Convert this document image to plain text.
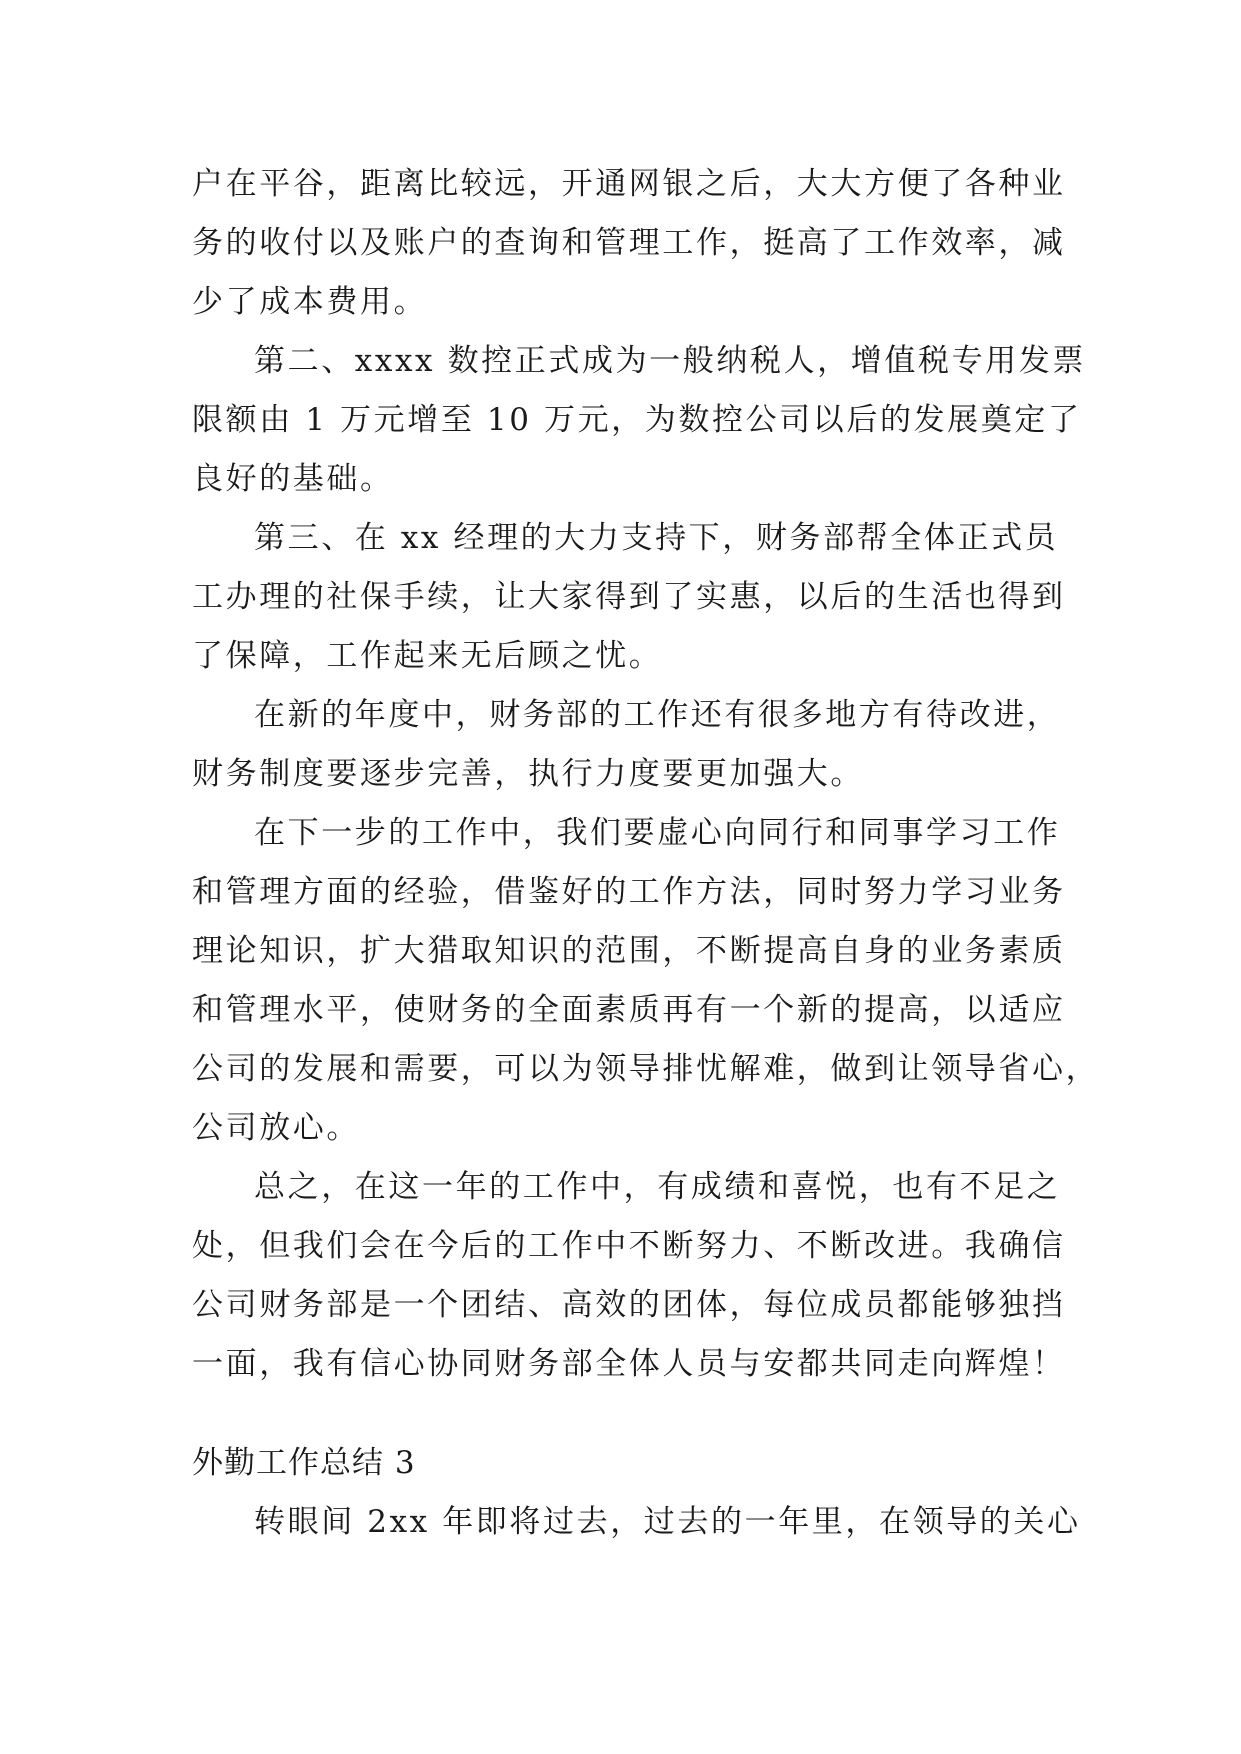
户在平谷，距离比较远，开通网银之后，大大方便了各种业

务的收付以及账户的查询和管理工作，挺高了工作效率，减

少了成本费用。

第二、xxxx 数控正式成为一般纳税人，增值税专用发票

限额由 1 万元增至 10 万元，为数控公司以后的发展奠定了

良好的基础。

第三、在 xx 经理的大力支持下，财务部帮全体正式员

工办理的社保手续，让大家得到了实惠，以后的生活也得到

了保障，工作起来无后顾之忧。

在新的年度中，财务部的工作还有很多地方有待改进，

财务制度要逐步完善，执行力度要更加强大。

在下一步的工作中，我们要虚心向同行和同事学习工作

和管理方面的经验，借鉴好的工作方法，同时努力学习业务

理论知识，扩大猎取知识的范围，不断提高自身的业务素质

和管理水平，使财务的全面素质再有一个新的提高，以适应

公司的发展和需要，可以为领导排忧解难，做到让领导省心，

公司放心。

总之，在这一年的工作中，有成绩和喜悦，也有不足之

处，但我们会在今后的工作中不断努力、不断改进。我确信

公司财务部是一个团结、高效的团体，每位成员都能够独挡

一面，我有信心协同财务部全体人员与安都共同走向辉煌！

外勤工作总结 3

转眼间 2xx 年即将过去，过去的一年里，在领导的关心
